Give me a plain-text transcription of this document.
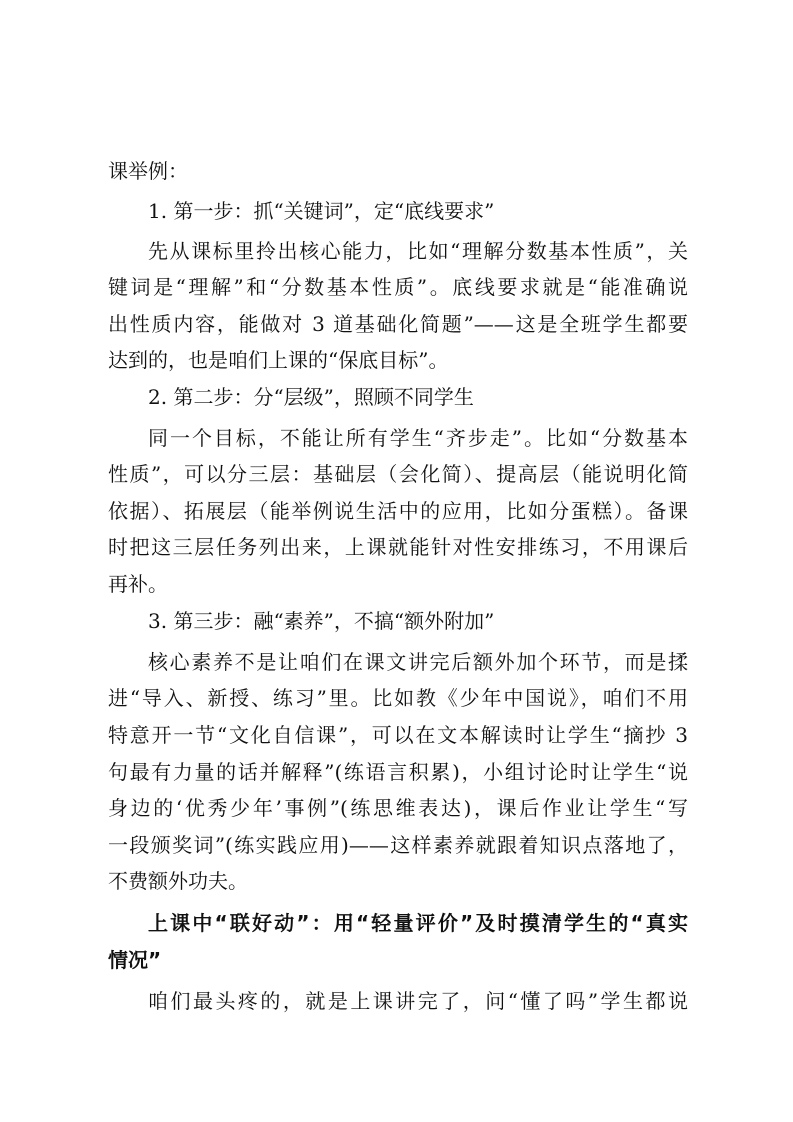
课举例：
1. 第一步：抓“关键词”，定“底线要求”
先从课标里拎出核心能力，比如“理解分数基本性质”，关
键词是“理解”和“分数基本性质”。底线要求就是“能准确说
出性质内容，能做对 3 道基础化简题”——这是全班学生都要
达到的，也是咱们上课的“保底目标”。
2. 第二步：分“层级”，照顾不同学生
同一个目标，不能让所有学生“齐步走”。比如“分数基本
性质”，可以分三层：基础层（会化简）、提高层（能说明化简
依据）、拓展层（能举例说生活中的应用，比如分蛋糕）。备课
时把这三层任务列出来，上课就能针对性安排练习，不用课后
再补。
3. 第三步：融“素养”，不搞“额外附加”
核心素养不是让咱们在课文讲完后额外加个环节，而是揉
进“导入、新授、练习”里。比如教《少年中国说》，咱们不用
特意开一节“文化自信课”，可以在文本解读时让学生“摘抄 3
句最有力量的话并解释”(练语言积累)，小组讨论时让学生“说
身边的‘优秀少年’事例”(练思维表达)，课后作业让学生“写
一段颁奖词”(练实践应用)——这样素养就跟着知识点落地了，
不费额外功夫。
上课中“联好动”：用“轻量评价”及时摸清学生的“真实
情况”
咱们最头疼的，就是上课讲完了，问“懂了吗”学生都说
